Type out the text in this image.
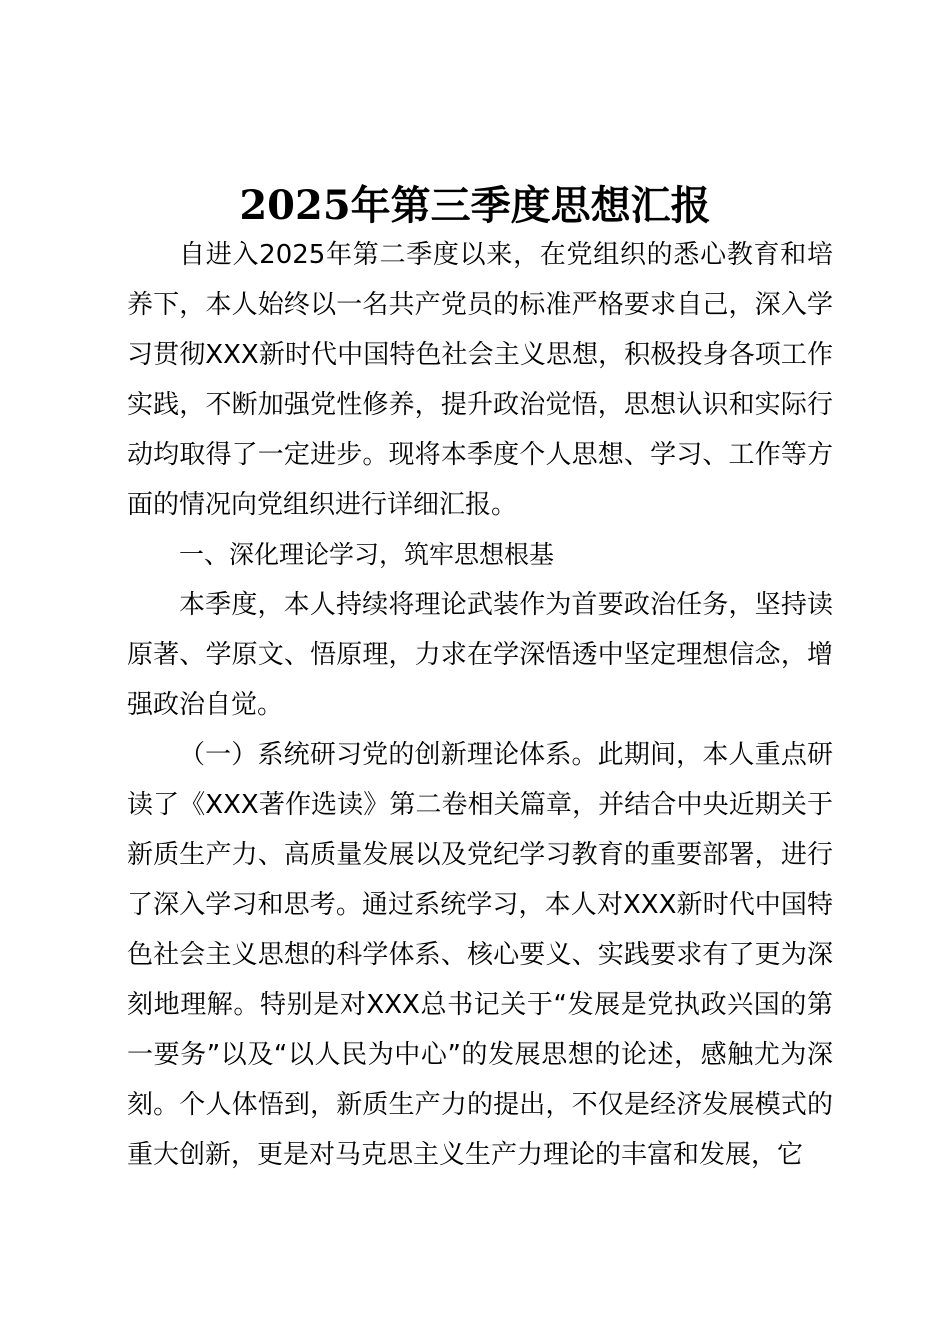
2025年第三季度思想汇报

自进入2025年第二季度以来，在党组织的悉心教育和培养下，本人始终以一名共产党员的标准严格要求自己，深入学习贯彻XXX新时代中国特色社会主义思想，积极投身各项工作实践，不断加强党性修养，提升政治觉悟，思想认识和实际行动均取得了一定进步。现将本季度个人思想、学习、工作等方面的情况向党组织进行详细汇报。

一、深化理论学习，筑牢思想根基

本季度，本人持续将理论武装作为首要政治任务，坚持读原著、学原文、悟原理，力求在学深悟透中坚定理想信念，增强政治自觉。

（一）系统研习党的创新理论体系。此期间，本人重点研读了《XXX著作选读》第二卷相关篇章，并结合中央近期关于新质生产力、高质量发展以及党纪学习教育的重要部署，进行了深入学习和思考。通过系统学习，本人对XXX新时代中国特色社会主义思想的科学体系、核心要义、实践要求有了更为深刻地理解。特别是对XXX总书记关于“发展是党执政兴国的第一要务”以及“以人民为中心”的发展思想的论述，感触尤为深刻。个人体悟到，新质生产力的提出，不仅是经济发展模式的重大创新，更是对马克思主义生产力理论的丰富和发展，它
